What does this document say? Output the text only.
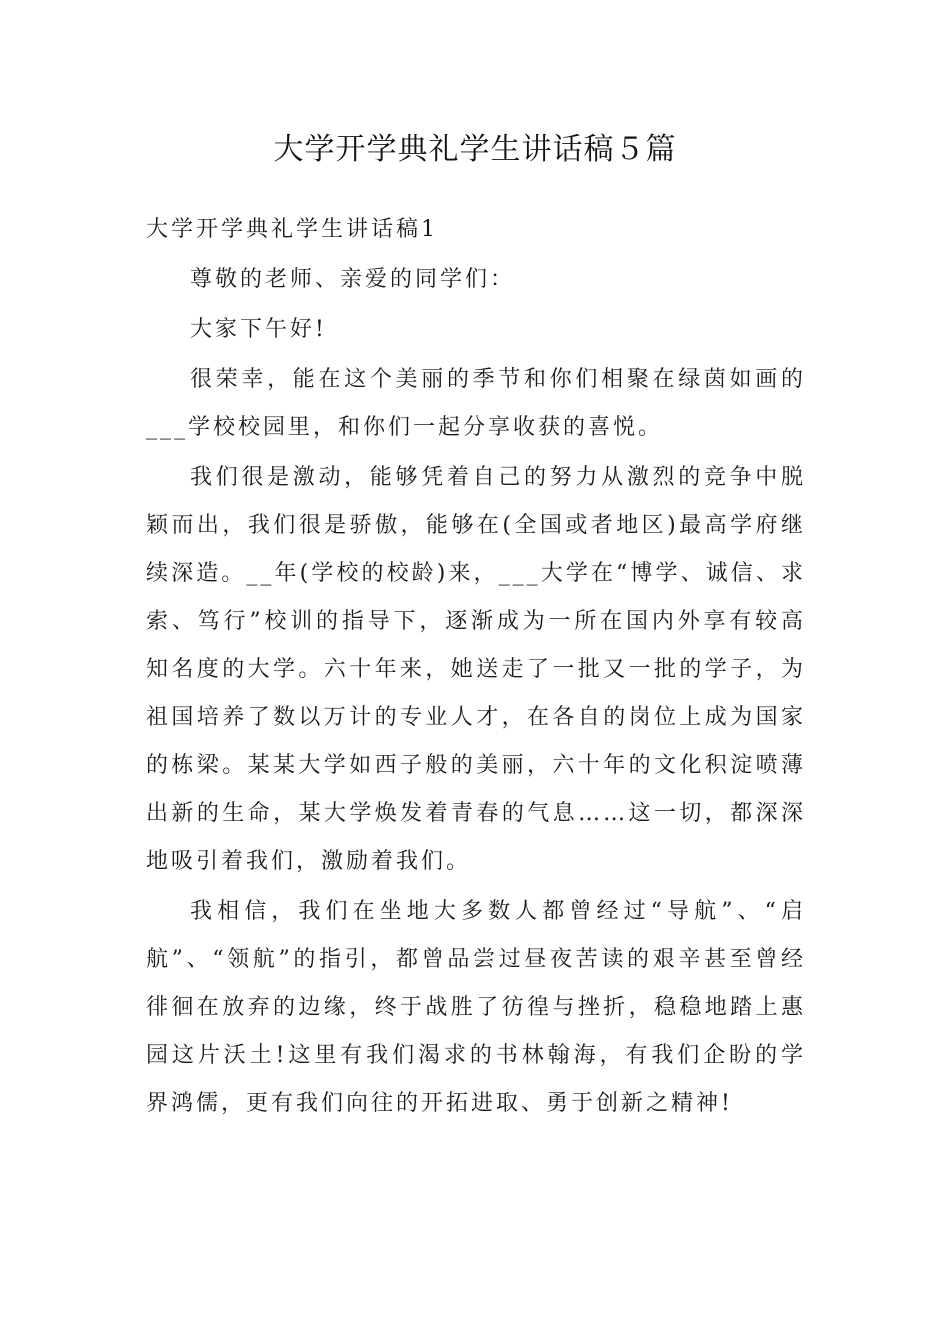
大学开学典礼学生讲话稿５篇
大学开学典礼学生讲话稿1

尊敬的老师、亲爱的同学们：

大家下午好!

很荣幸，能在这个美丽的季节和你们相聚在绿茵如画的___学校校园里，和你们一起分享收获的喜悦。

我们很是激动，能够凭着自己的努力从激烈的竞争中脱颖而出，我们很是骄傲，能够在(全国或者地区)最高学府继续深造。__年(学校的校龄)来，___大学在“博学、诚信、求索、笃行”校训的指导下，逐渐成为一所在国内外享有较高知名度的大学。六十年来，她送走了一批又一批的学子，为祖国培养了数以万计的专业人才，在各自的岗位上成为国家的栋梁。某某大学如西子般的美丽，六十年的文化积淀喷薄出新的生命，某大学焕发着青春的气息……这一切，都深深地吸引着我们，激励着我们。

我相信，我们在坐地大多数人都曾经过“导航”、“启航”、“领航”的指引，都曾品尝过昼夜苦读的艰辛甚至曾经徘徊在放弃的边缘，终于战胜了彷徨与挫折，稳稳地踏上惠园这片沃土!这里有我们渴求的书林翰海，有我们企盼的学界鸿儒，更有我们向往的开拓进取、勇于创新之精神!
